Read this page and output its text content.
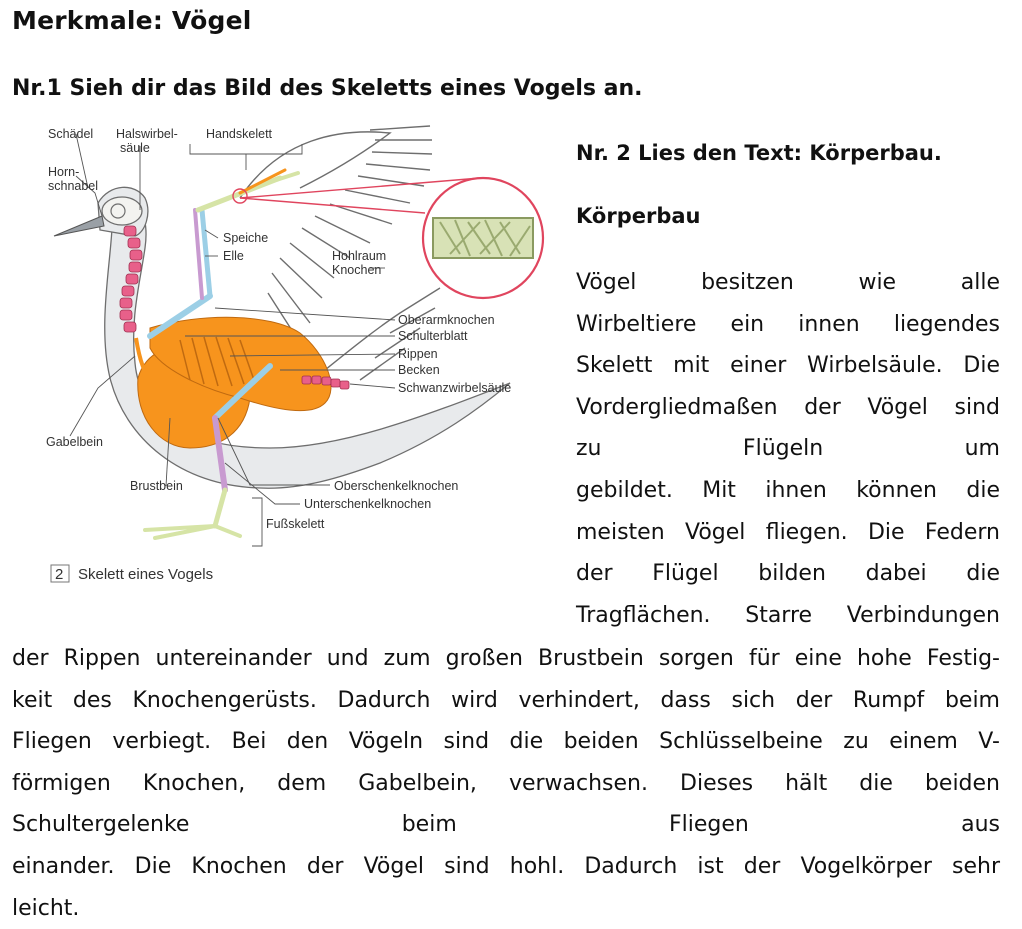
Merkmale: Vögel
Nr.1 Sieh dir das Bild des Skeletts eines Vogels an.
Nr. 2 Lies den Text: Körperbau.
Körperbau
Schädel Halswirbel-
säule
Handskelett
Horn-
schnabel
Speiche
Elle	Hohlraum
Knochen
Oberarmknochen
Schulterblatt
Rippen
Becken
Schwanzwirbelsäule
Gabelbein
Brustbein	Oberschenkelknochen
Unterschenkelknochen
Fußskelett
2 Skelett eines Vogels
Vögel besitzen wie alle
Wirbeltiere ein innen liegendes
Skelett mit einer Wirbelsäule. Die
Vordergliedmaßen der Vögel sind
zu Flügeln um
gebildet. Mit ihnen können die
meisten Vögel fliegen. Die Federn
der Flügel bilden dabei die
Tragflächen. Starre Verbindungen
der Rippen untereinander und zum großen Brustbein sorgen für eine hohe Festig-
keit des Knochengerüsts. Dadurch wird verhindert, dass sich der Rumpf beim
Fliegen verbiegt. Bei den Vögeln sind die beiden Schlüsselbeine zu einem V-
förmigen Knochen, dem Gabelbein, verwachsen. Dieses hält die beiden
Schultergelenke beim Fliegen aus
einander. Die Knochen der Vögel sind hohl. Dadurch ist der Vogelkörper sehr
leicht.
